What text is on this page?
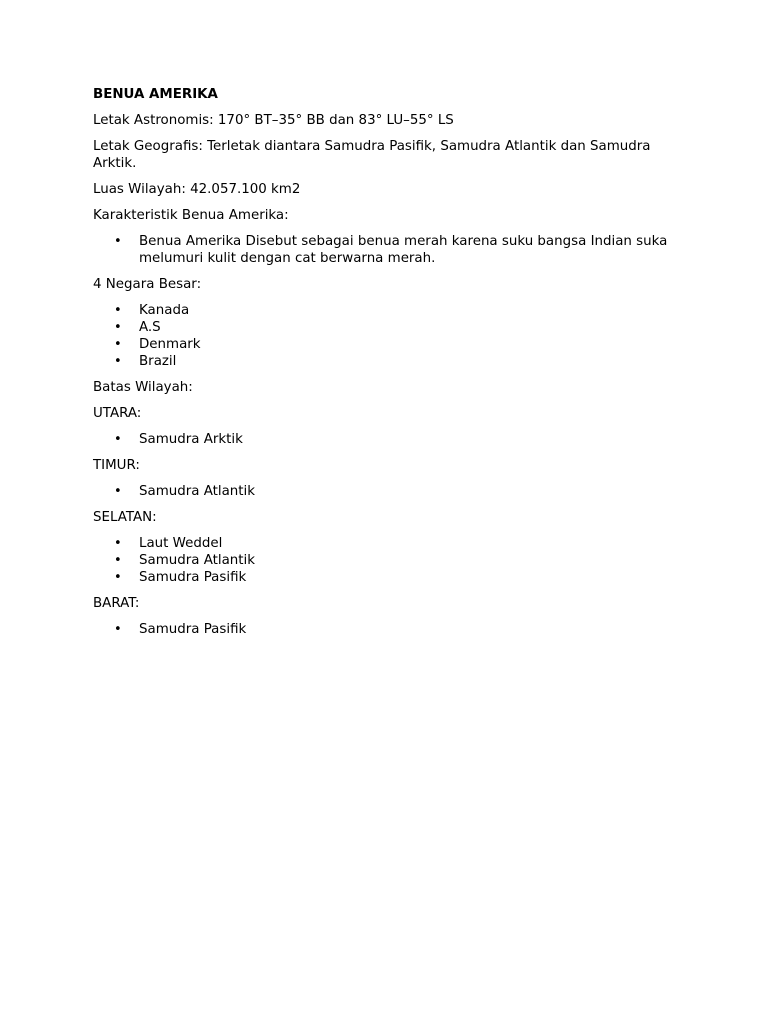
BENUA AMERIKA
Letak Astronomis: 170° BT–35° BB dan 83° LU–55° LS
Letak Geografis: Terletak diantara Samudra Pasifik, Samudra Atlantik dan Samudra Arktik.
Luas Wilayah: 42.057.100 km2
Karakteristik Benua Amerika:
• Benua Amerika Disebut sebagai benua merah karena suku bangsa Indian suka melumuri kulit dengan cat berwarna merah.
4 Negara Besar:
• Kanada
• A.S
• Denmark
• Brazil
Batas Wilayah:
UTARA:
• Samudra Arktik
TIMUR:
• Samudra Atlantik
SELATAN:
• Laut Weddel
• Samudra Atlantik
• Samudra Pasifik
BARAT:
• Samudra Pasifik
